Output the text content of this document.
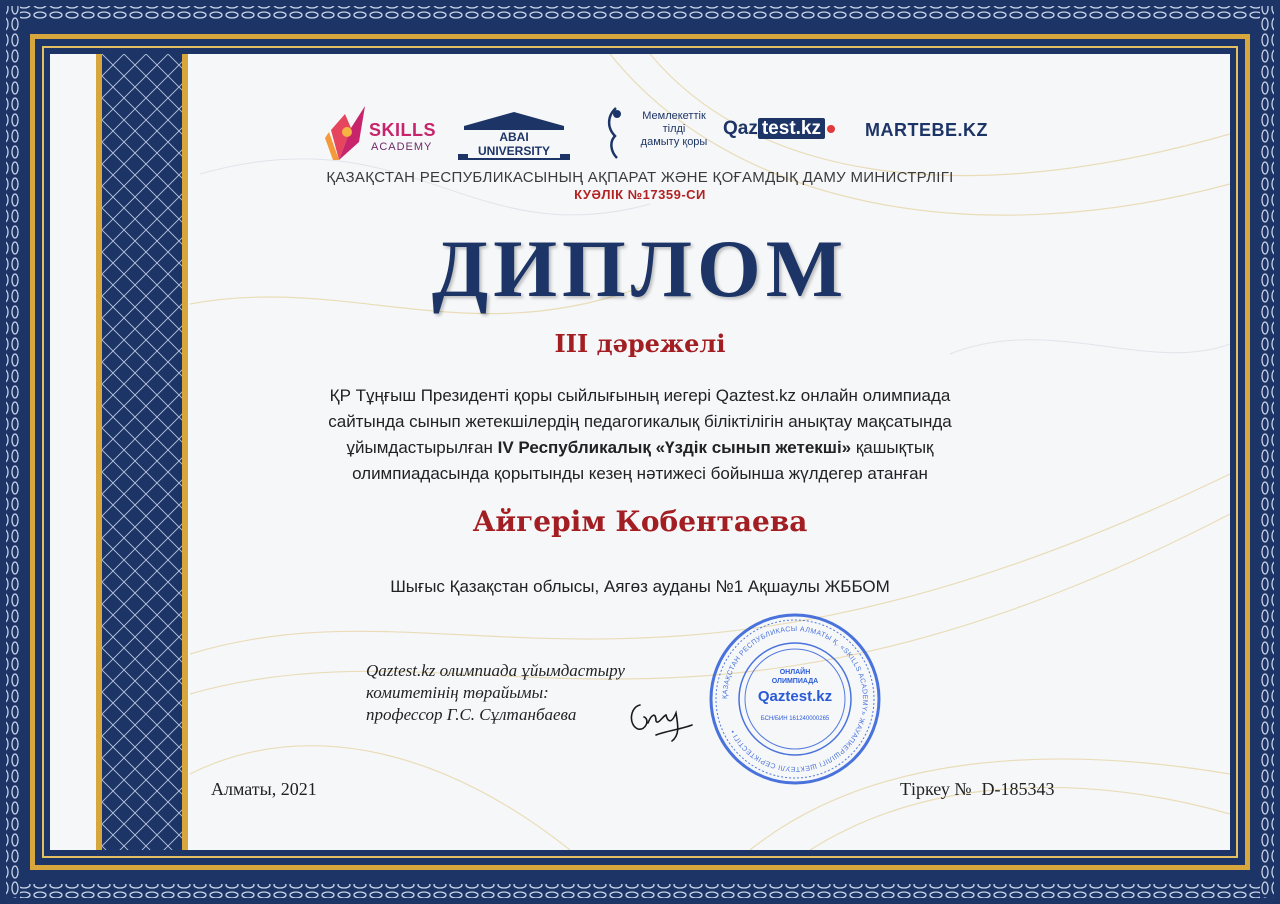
SKILLS
ACADEMY
ABAI UNIVERSITY
Мемлекеттік
тілді
дамыту қоры
Qaz test.kz	MARTEBE.KZ
ҚАЗАҚСТАН РЕСПУБЛИКАСЫНЫҢ АҚПАРАТ ЖӘНЕ ҚОҒАМДЫҚ ДАМУ МИНИСТРЛІГІ
КУӘЛІК №17359-СИ
ДИПЛОМ
III дәрежелі
ҚР Тұңғыш Президенті қоры сыйлығының иегері Qaztest.kz онлайн олимпиада
сайтында сынып жетекшілердің педагогикалық біліктілігін анықтау мақсатында
ұйымдастырылған IV Республикалық «Үздік сынып жетекші» қашықтық
олимпиадасында қорытынды кезең нәтижесі бойынша жүлдегер атанған
Айгерім Кобентаева
Шығыс Қазақстан облысы, Аягөз ауданы №1 Ақшаулы ЖББОМ
Qaztest.kz олимпиада ұйымдастыру
комитетінің төрайымы:
профессор Г.С. Сұлтанбаева
ҚАЗАҚСТАН РЕСПУБЛИКАСЫ АЛМАТЫ Қ. «SKILLS ACADEMY» ЖАУАПКЕРШІЛІГІ ШЕКТЕУЛІ СЕРІКТЕСТІГІ •
ОНЛАЙН
ОЛИМПИАДА
Qaztest.kz
БСН/БИН 161240000265
Алматы, 2021	Тіркеу № D-185343
